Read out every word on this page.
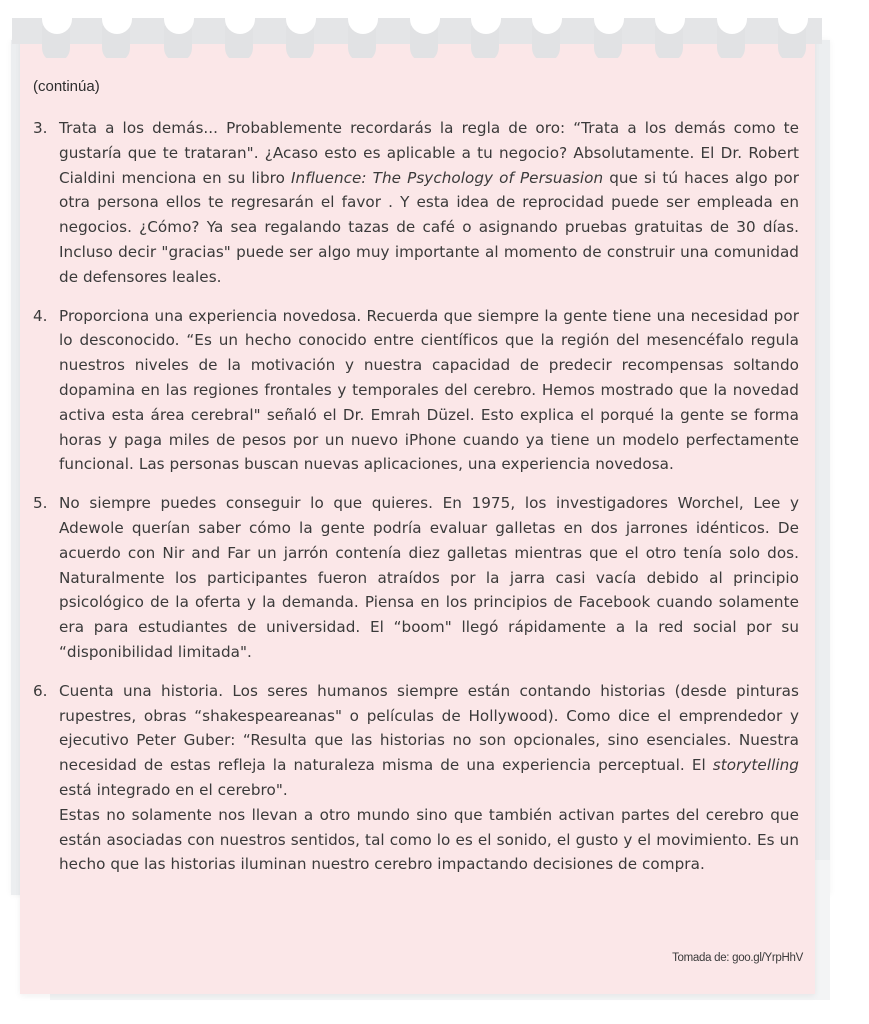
(continúa)
3. Trata a los demás... Probablemente recordarás la regla de oro: “Trata a los demás como te gustaría que te trataran". ¿Acaso esto es aplicable a tu negocio? Absolutamente. El Dr. Robert Cialdini menciona en su libro Influence: The Psychology of Persuasion que si tú haces algo por otra persona ellos te regresarán el favor . Y esta idea de reprocidad puede ser empleada en negocios. ¿Cómo? Ya sea regalando tazas de café o asignando pruebas gratuitas de 30 días. Incluso decir "gracias" puede ser algo muy importante al momento de construir una comunidad de defensores leales.
4. Proporciona una experiencia novedosa. Recuerda que siempre la gente tiene una necesidad por lo desconocido. “Es un hecho conocido entre científicos que la región del mesencéfalo regula nuestros niveles de la motivación y nuestra capacidad de predecir recompensas soltando dopamina en las regiones frontales y temporales del cerebro. Hemos mostrado que la novedad activa esta área cerebral" señaló el Dr. Emrah Düzel. Esto explica el porqué la gente se forma horas y paga miles de pesos por un nuevo iPhone cuando ya tiene un modelo perfectamente funcional. Las personas buscan nuevas aplicaciones, una experiencia novedosa.
5. No siempre puedes conseguir lo que quieres. En 1975, los investigadores Worchel, Lee y Adewole querían saber cómo la gente podría evaluar galletas en dos jarrones idénticos. De acuerdo con Nir and Far un jarrón contenía diez galletas mientras que el otro tenía solo dos. Naturalmente los participantes fueron atraídos por la jarra casi vacía debido al principio psicológico de la oferta y la demanda. Piensa en los principios de Facebook cuando solamente era para estudiantes de universidad. El “boom" llegó rápidamente a la red social por su “disponibilidad limitada".
6. Cuenta una historia. Los seres humanos siempre están contando historias (desde pinturas rupestres, obras “shakespeareanas" o películas de Hollywood). Como dice el emprendedor y ejecutivo Peter Guber: “Resulta que las historias no son opcionales, sino esenciales. Nuestra necesidad de estas refleja la naturaleza misma de una experiencia perceptual. El storytelling está integrado en el cerebro".
Estas no solamente nos llevan a otro mundo sino que también activan partes del cerebro que están asociadas con nuestros sentidos, tal como lo es el sonido, el gusto y el movimiento. Es un hecho que las historias iluminan nuestro cerebro impactando decisiones de compra.
Tomada de: goo.gl/YrpHhV
